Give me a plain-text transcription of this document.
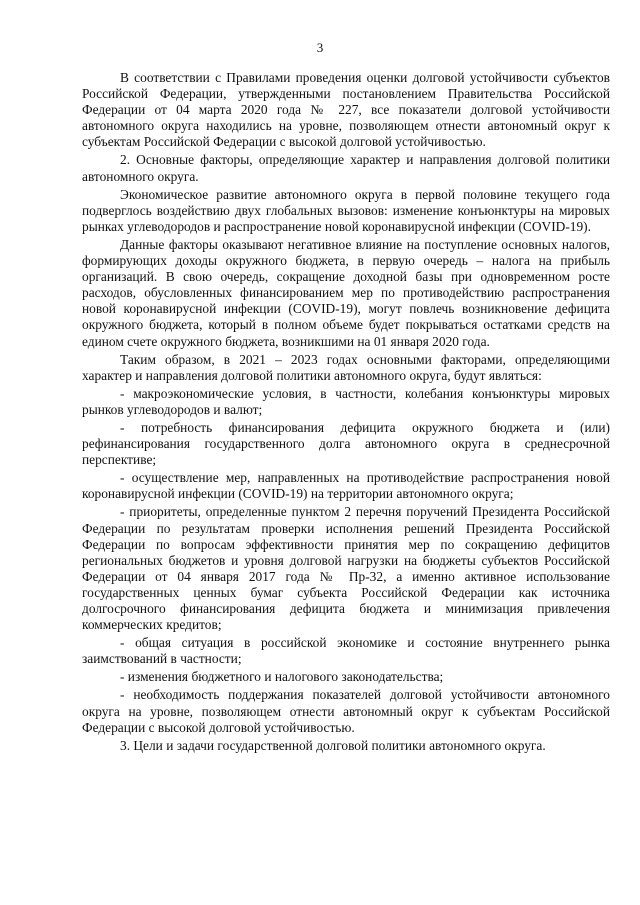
3

В соответствии с Правилами проведения оценки долговой устойчивости субъектов Российской Федерации, утвержденными постановлением Правительства Российской Федерации от 04 марта 2020 года № 227, все показатели долговой устойчивости автономного округа находились на уровне, позволяющем отнести автономный округ к субъектам Российской Федерации с высокой долговой устойчивостью.

2. Основные факторы, определяющие характер и направления долговой политики автономного округа.

Экономическое развитие автономного округа в первой половине текущего года подверглось воздействию двух глобальных вызовов: изменение конъюнктуры на мировых рынках углеводородов и распространение новой коронавирусной инфекции (COVID-19).

Данные факторы оказывают негативное влияние на поступление основных налогов, формирующих доходы окружного бюджета, в первую очередь – налога на прибыль организаций. В свою очередь, сокращение доходной базы при одновременном росте расходов, обусловленных финансированием мер по противодействию распространения новой коронавирусной инфекции (COVID-19), могут повлечь возникновение дефицита окружного бюджета, который в полном объеме будет покрываться остатками средств на едином счете окружного бюджета, возникшими на 01 января 2020 года.

Таким образом, в 2021 – 2023 годах основными факторами, определяющими характер и направления долговой политики автономного округа, будут являться:

- макроэкономические условия, в частности, колебания конъюнктуры мировых рынков углеводородов и валют;

- потребность финансирования дефицита окружного бюджета и (или) рефинансирования государственного долга автономного округа в среднесрочной перспективе;

- осуществление мер, направленных на противодействие распространения новой коронавирусной инфекции (COVID-19) на территории автономного округа;

- приоритеты, определенные пунктом 2 перечня поручений Президента Российской Федерации по результатам проверки исполнения решений Президента Российской Федерации по вопросам эффективности принятия мер по сокращению дефицитов региональных бюджетов и уровня долговой нагрузки на бюджеты субъектов Российской Федерации от 04 января 2017 года № Пр-32, а именно активное использование государственных ценных бумаг субъекта Российской Федерации как источника долгосрочного финансирования дефицита бюджета и минимизация привлечения коммерческих кредитов;

- общая ситуация в российской экономике и состояние внутреннего рынка заимствований в частности;

- изменения бюджетного и налогового законодательства;

- необходимость поддержания показателей долговой устойчивости автономного округа на уровне, позволяющем отнести автономный округ к субъектам Российской Федерации с высокой долговой устойчивостью.

3. Цели и задачи государственной долговой политики автономного округа.
